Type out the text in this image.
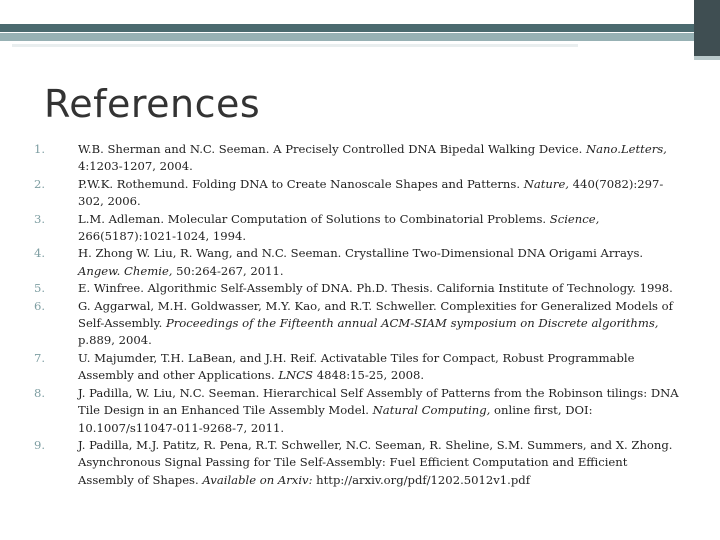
References
1.	W.B. Sherman and N.C. Seeman. A Precisely Controlled DNA Bipedal Walking Device. Nano.Letters, 4:1203-1207, 2004.
2.	P.W.K. Rothemund. Folding DNA to Create Nanoscale Shapes and Patterns. Nature, 440(7082):297-302, 2006.
3.	L.M. Adleman. Molecular Computation of Solutions to Combinatorial Problems. Science, 266(5187):1021-1024, 1994.
4.	H. Zhong W. Liu, R. Wang, and N.C. Seeman. Crystalline Two-Dimensional DNA Origami Arrays. Angew. Chemie, 50:264-267, 2011.
5.	E. Winfree. Algorithmic Self-Assembly of DNA. Ph.D. Thesis. California Institute of Technology. 1998.
6.	G. Aggarwal, M.H. Goldwasser, M.Y. Kao, and R.T. Schweller. Complexities for Generalized Models of Self-Assembly. Proceedings of the Fifteenth annual ACM-SIAM symposium on Discrete algorithms, p.889, 2004.
7.	U. Majumder, T.H. LaBean, and J.H. Reif. Activatable Tiles for Compact, Robust Programmable Assembly and other Applications. LNCS 4848:15-25, 2008.
8.	J. Padilla, W. Liu, N.C. Seeman. Hierarchical Self Assembly of Patterns from the Robinson tilings: DNA Tile Design in an Enhanced Tile Assembly Model. Natural Computing, online first, DOI: 10.1007/s11047-011-9268-7, 2011.
9.	J. Padilla, M.J. Patitz, R. Pena, R.T. Schweller, N.C. Seeman, R. Sheline, S.M. Summers, and X. Zhong. Asynchronous Signal Passing for Tile Self-Assembly: Fuel Efficient Computation and Efficient Assembly of Shapes. Available on Arxiv: http://arxiv.org/pdf/1202.5012v1.pdf
